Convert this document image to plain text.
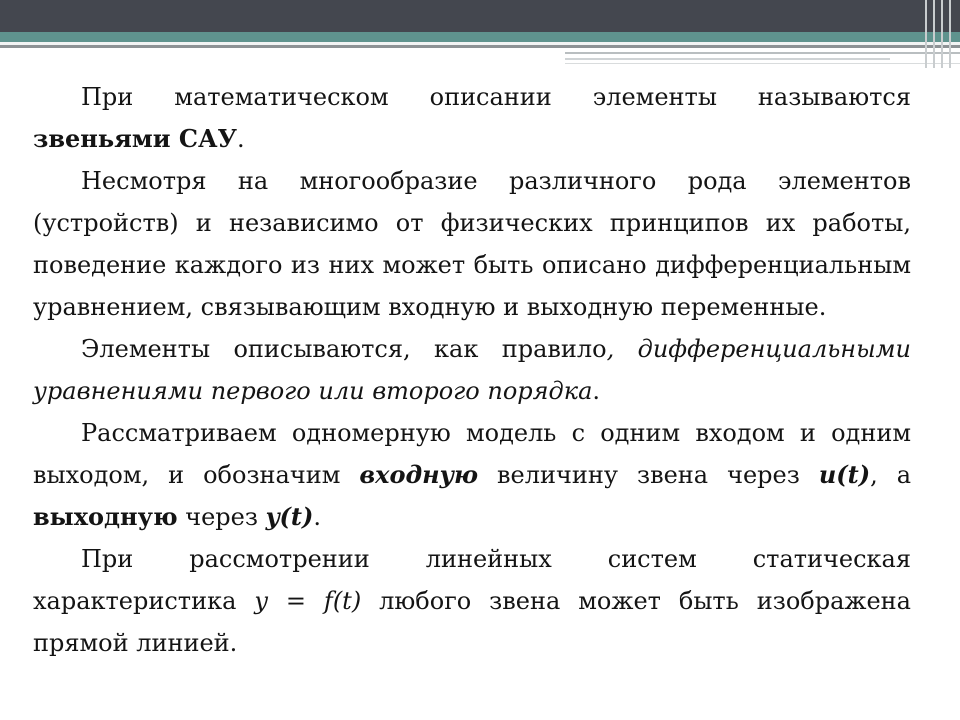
При математическом описании элементы называются звеньями САУ.

Несмотря на многообразие различного рода элементов (устройств) и независимо от физических принципов их работы, поведение каждого из них может быть описано дифференциальным уравнением, связывающим входную и выходную переменные.

Элементы описываются, как правило, дифференциальными уравнениями первого или второго порядка.

Рассматриваем одномерную модель с одним входом и одним выходом, и обозначим входную величину звена через u(t), а выходную через y(t).

При рассмотрении линейных систем статическая характеристика y = f(t) любого звена может быть изображена прямой линией.
